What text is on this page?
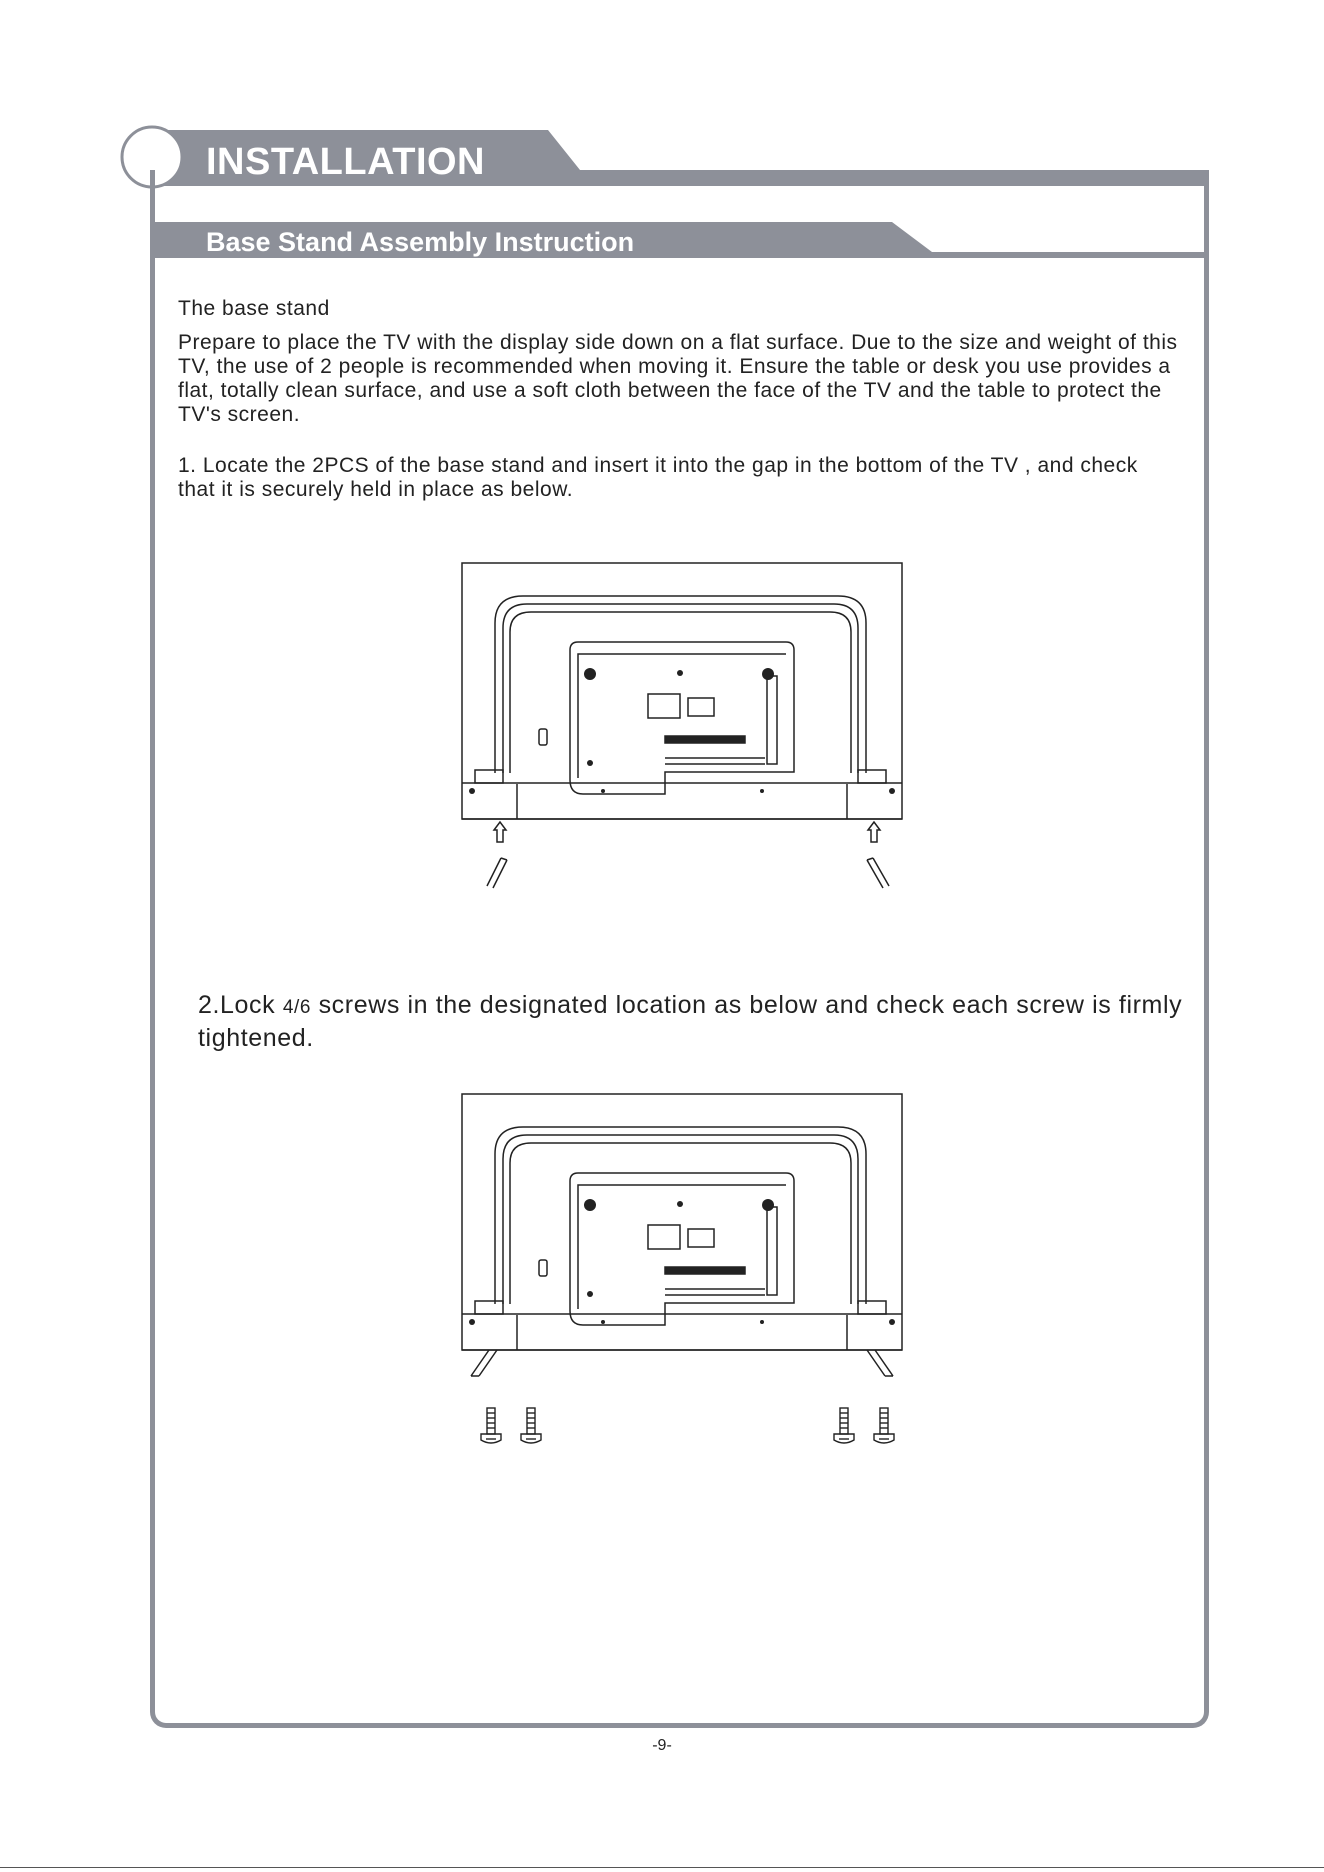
INSTALLATION
Base Stand Assembly Instruction

The base stand

Prepare to place the TV with the display side down on a flat surface. Due to the size and weight of this TV, the use of 2 people is recommended when moving it. Ensure the table or desk you use provides a flat, totally clean surface, and use a soft cloth between the face of the TV and the table to protect the TV's screen.

1. Locate the 2PCS of the base stand and insert it into the gap in the bottom of the TV , and check that it is securely held in place as below.

2.Lock 4/6 screws in the designated location as below and check each screw is firmly tightened.

-9-
